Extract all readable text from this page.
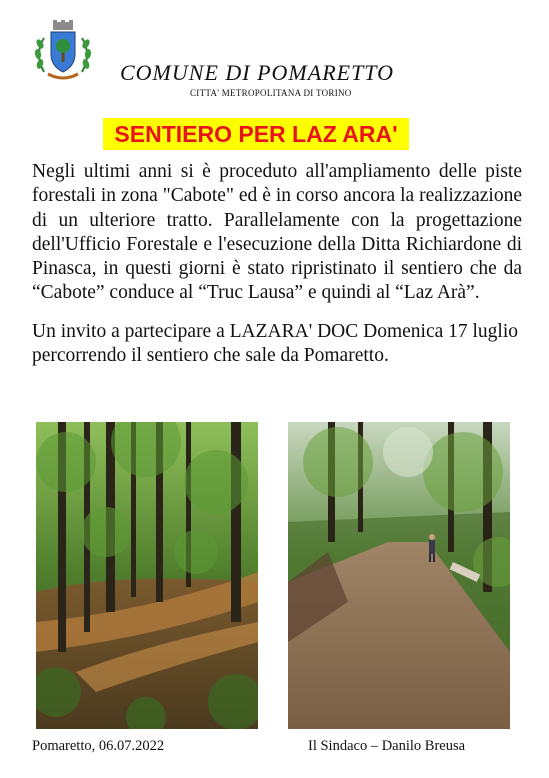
COMUNE DI POMARETTO
CITTA' METROPOLITANA DI TORINO
SENTIERO PER LAZ ARA'

Negli ultimi anni si è proceduto all'ampliamento delle piste forestali in zona "Cabote" ed è in corso ancora la realizzazione di un ulteriore tratto. Parallelamente con la progettazione dell'Ufficio Forestale e l'esecuzione della Ditta Richiardone di Pinasca, in questi giorni è stato ripristinato il sentiero che da “Cabote” conduce al “Truc Lausa” e quindi al “Laz Arà”.

Un invito a partecipare a LAZARA' DOC Domenica 17 luglio percorrendo il sentiero che sale da Pomaretto.

Pomaretto, 06.07.2022	Il Sindaco – Danilo Breusa
